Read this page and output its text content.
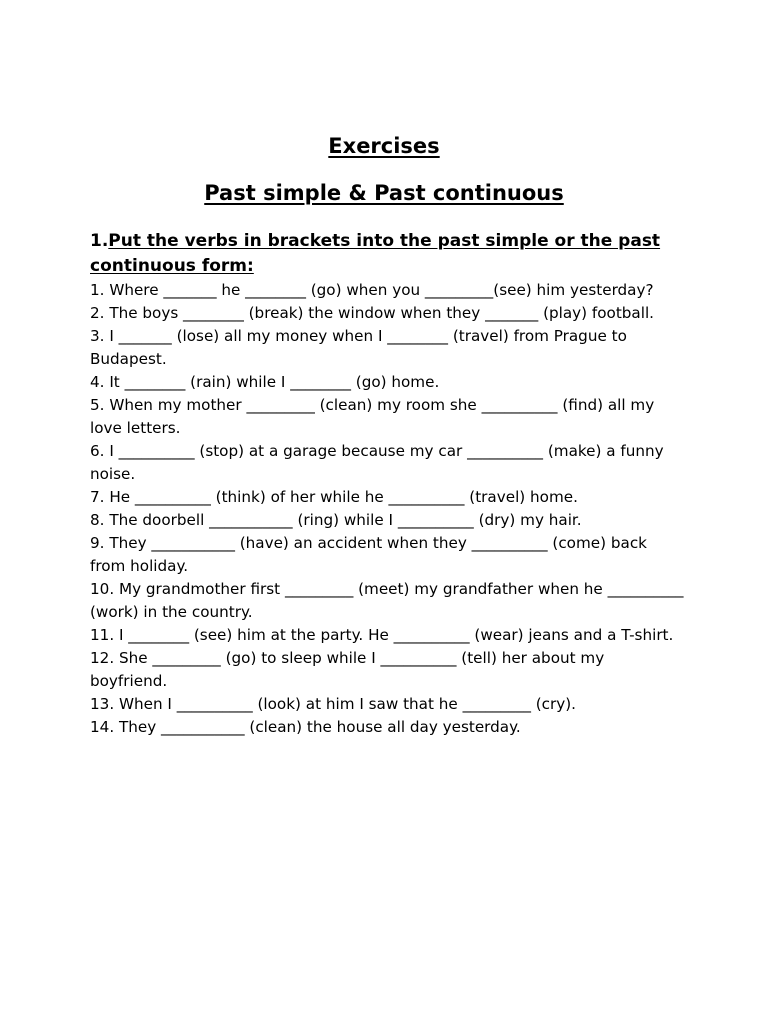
Exercises
Past simple & Past continuous

1.Put the verbs in brackets into the past simple or the past continuous form:

1. Where _______ he ________ (go) when you _________(see) him yesterday?
2. The boys ________ (break) the window when they _______ (play) football.
3. I _______ (lose) all my money when I ________ (travel) from Prague to Budapest.
4. It ________ (rain) while I ________ (go) home.
5. When my mother _________ (clean) my room she __________ (find) all my love letters.
6. I __________ (stop) at a garage because my car __________ (make) a funny noise.
7. He __________ (think) of her while he __________ (travel) home.
8. The doorbell ___________ (ring) while I __________ (dry) my hair.
9. They ___________ (have) an accident when they __________ (come) back from holiday.
10. My grandmother first _________ (meet) my grandfather when he __________ (work) in the country.
11. I ________ (see) him at the party. He __________ (wear) jeans and a T-shirt.
12. She _________ (go) to sleep while I __________ (tell) her about my boyfriend.
13. When I __________ (look) at him I saw that he _________ (cry).
14. They ___________ (clean) the house all day yesterday.
